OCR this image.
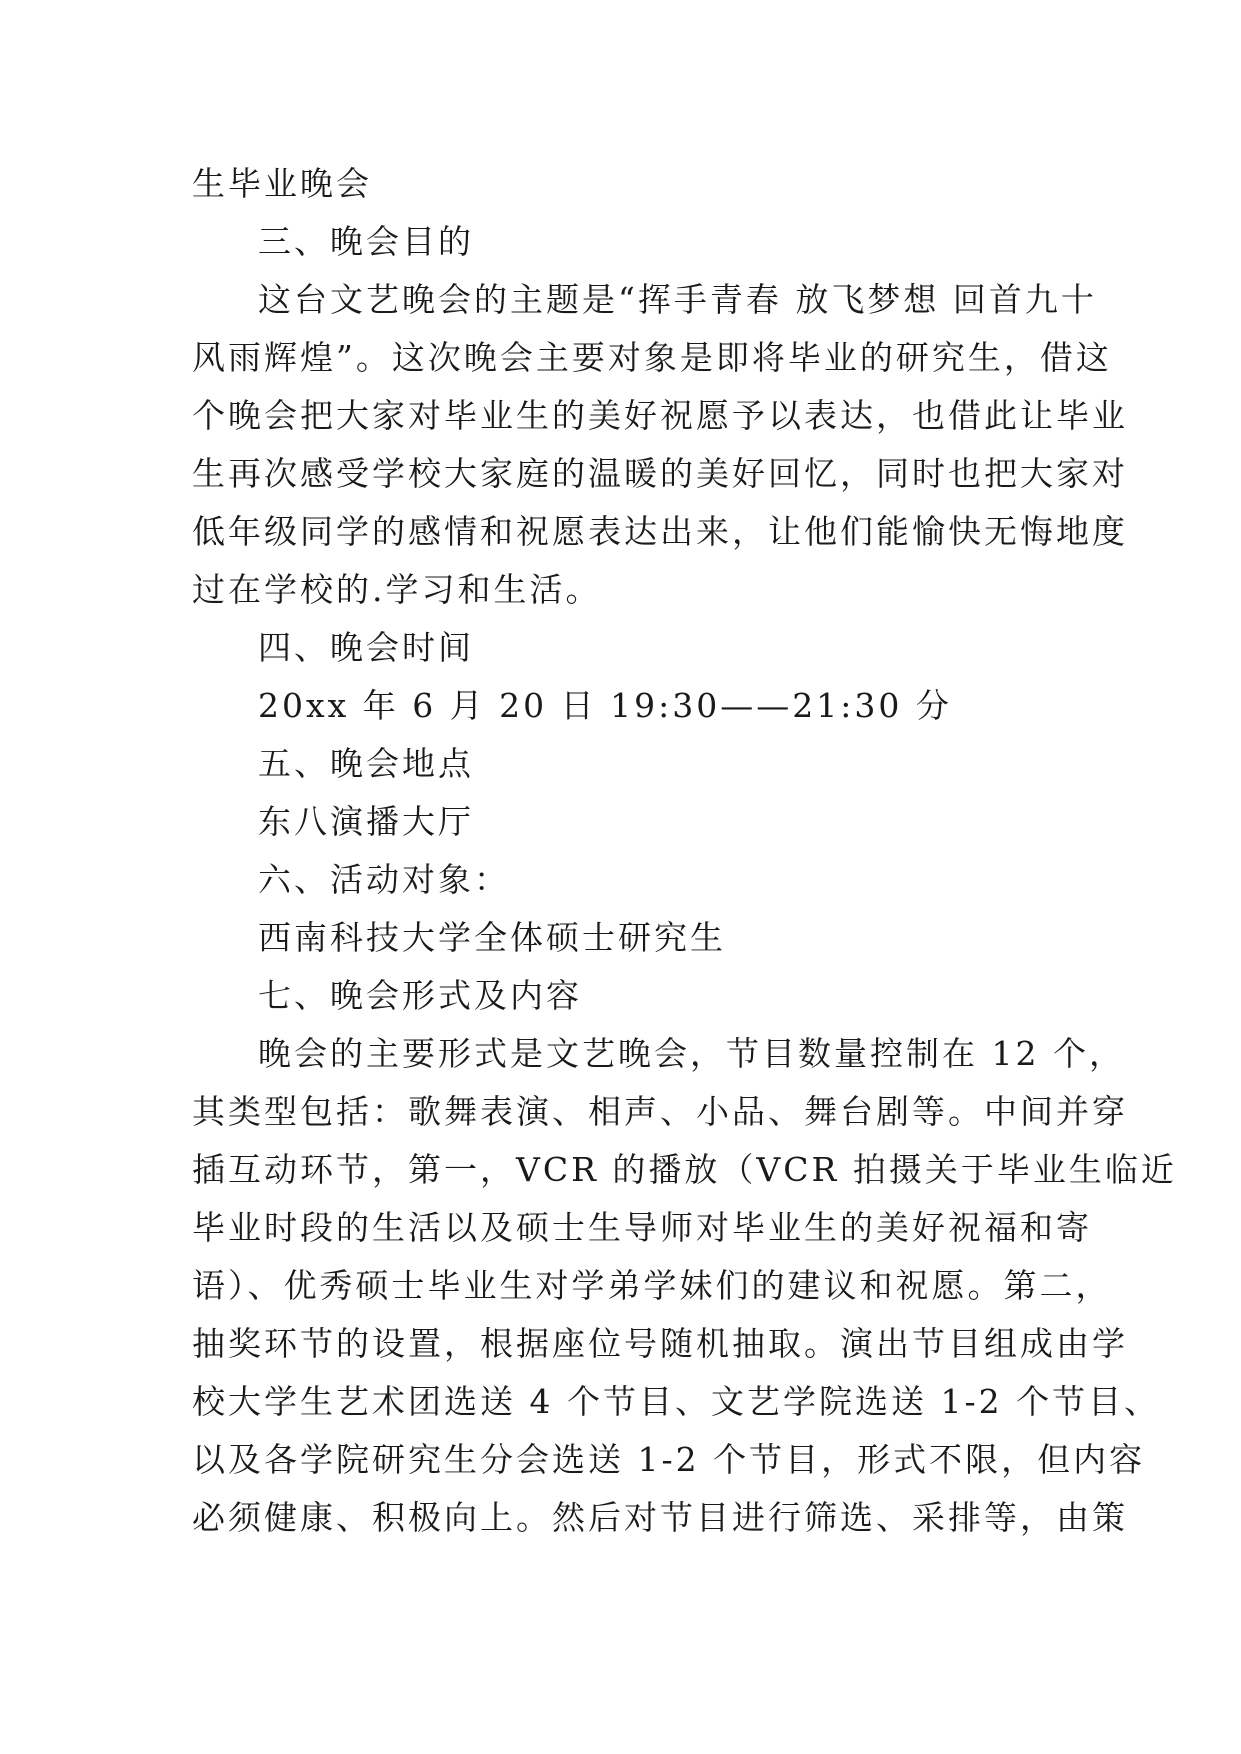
生毕业晚会
三、晚会目的
这台文艺晚会的主题是“挥手青春 放飞梦想 回首九十
风雨辉煌”。这次晚会主要对象是即将毕业的研究生，借这
个晚会把大家对毕业生的美好祝愿予以表达，也借此让毕业
生再次感受学校大家庭的温暖的美好回忆，同时也把大家对
低年级同学的感情和祝愿表达出来，让他们能愉快无悔地度
过在学校的.学习和生活。
四、晚会时间
20xx 年 6 月 20 日 19:30——21:30 分
五、晚会地点
东八演播大厅
六、活动对象：
西南科技大学全体硕士研究生
七、晚会形式及内容
晚会的主要形式是文艺晚会，节目数量控制在 12 个，
其类型包括：歌舞表演、相声、小品、舞台剧等。中间并穿
插互动环节，第一，VCR 的播放（VCR 拍摄关于毕业生临近
毕业时段的生活以及硕士生导师对毕业生的美好祝福和寄
语）、优秀硕士毕业生对学弟学妹们的建议和祝愿。第二，
抽奖环节的设置，根据座位号随机抽取。演出节目组成由学
校大学生艺术团选送 4 个节目、文艺学院选送 1-2 个节目、
以及各学院研究生分会选送 1-2 个节目，形式不限，但内容
必须健康、积极向上。然后对节目进行筛选、采排等，由策
